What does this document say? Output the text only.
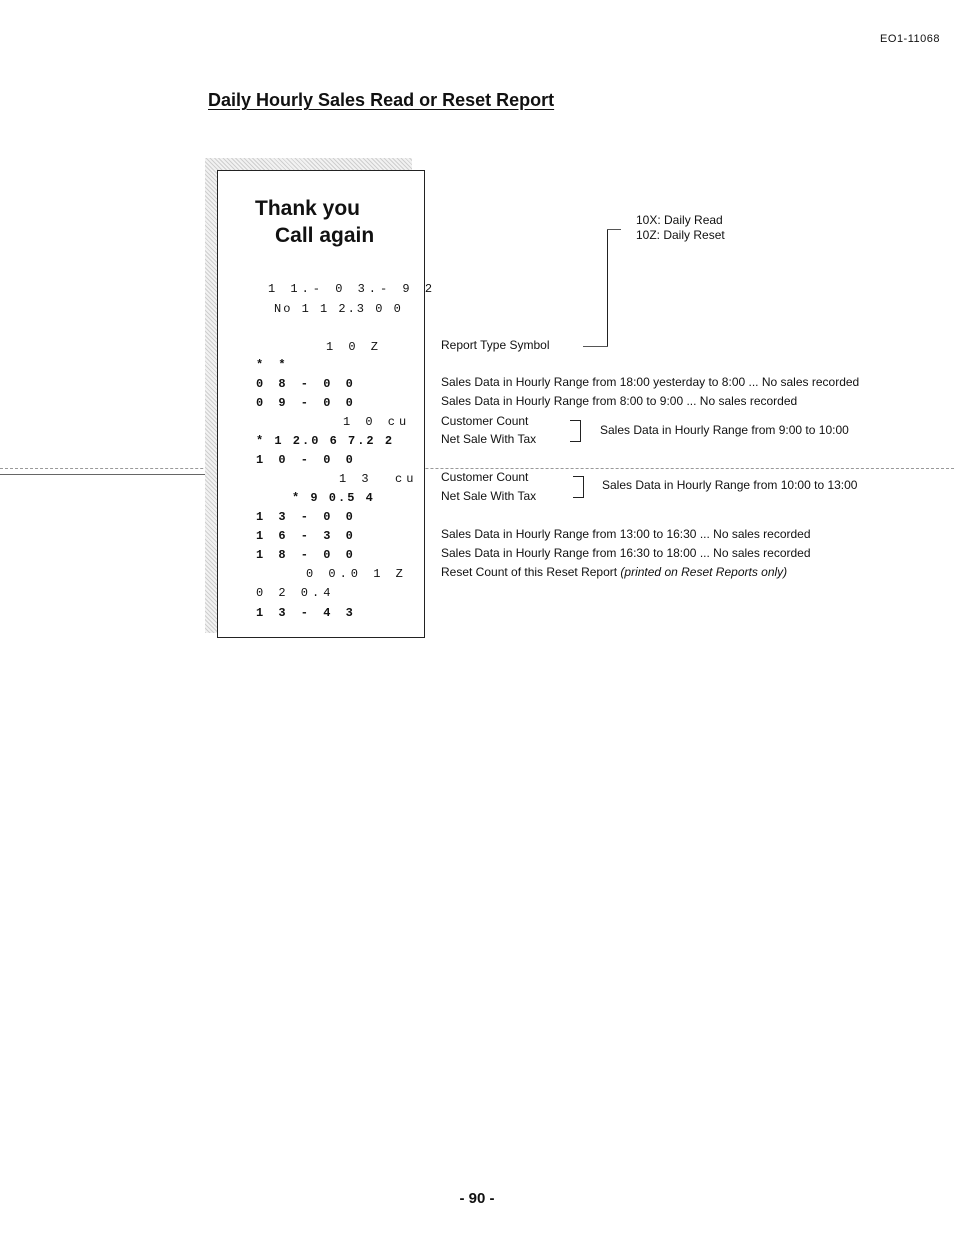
EO1-11068
Daily Hourly Sales Read or Reset Report
Thank you
Call again
1 1.- 0 3.- 9 2
No 1 1 2.3 0 0
1 0 Z
* *
0 8 - 0 0
0 9 - 0 0
1 0 cu
* 1 2.0 6 7.2 2
1 0 - 0 0
1 3  cu
* 9 0.5 4
1 3 - 0 0
1 6 - 3 0
1 8 - 0 0
0 0.0 1 Z
0 2 0.4
1 3 - 4 3
10X: Daily Read
10Z: Daily Reset
Report Type Symbol
Sales Data in Hourly Range from 18:00 yesterday to 8:00 ... No sales recorded
Sales Data in Hourly Range from 8:00 to 9:00 ... No sales recorded
Customer Count
Net Sale With Tax
Sales Data in Hourly Range from 9:00 to 10:00
Customer Count
Net Sale With Tax
Sales Data in Hourly Range from 10:00 to 13:00
Sales Data in Hourly Range from 13:00 to 16:30 ... No sales recorded
Sales Data in Hourly Range from 16:30 to 18:00 ... No sales recorded
Reset Count of this Reset Report (printed on Reset Reports only)
- 90 -
